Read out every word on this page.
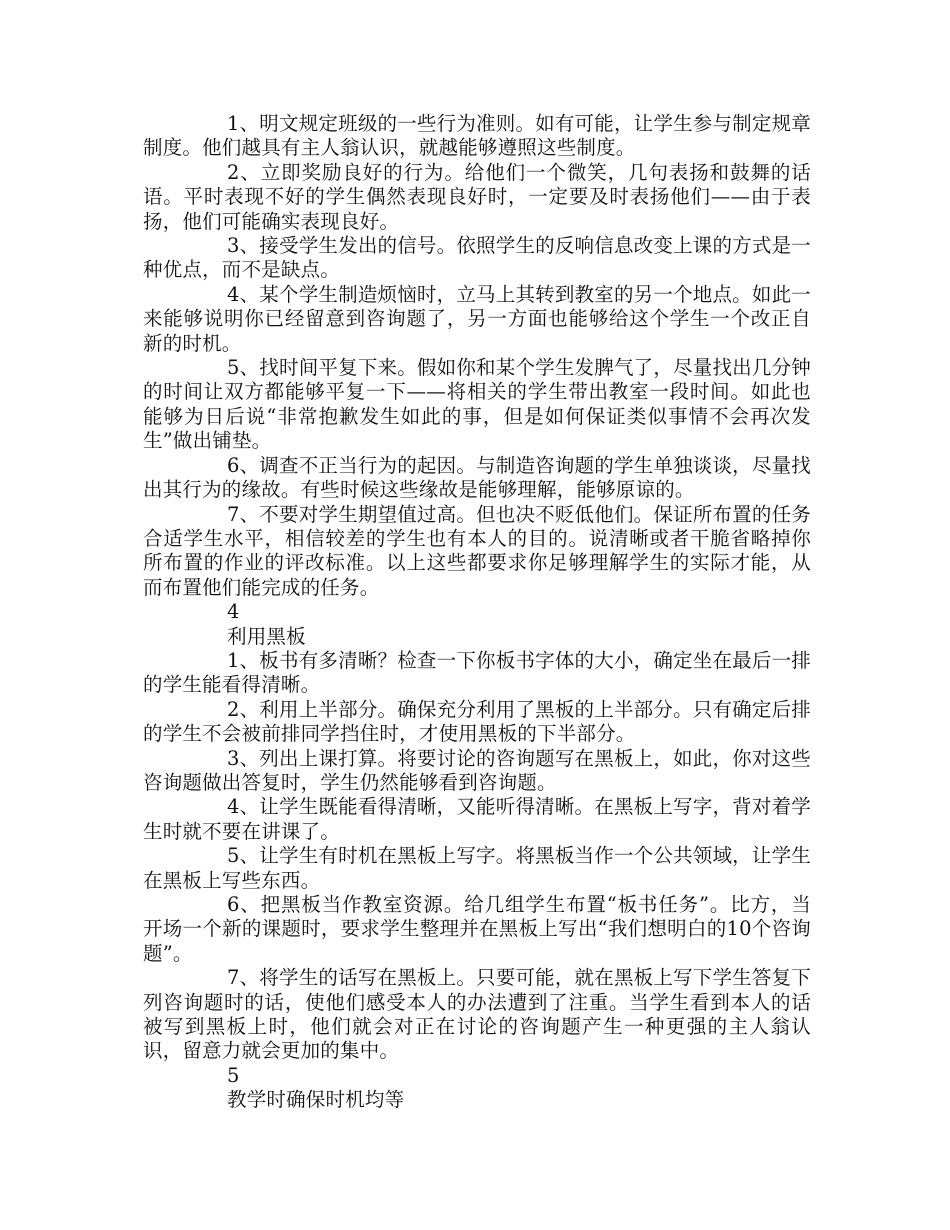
1、明文规定班级的一些行为准则。如有可能，让学生参与制定规章制度。他们越具有主人翁认识，就越能够遵照这些制度。

2、立即奖励良好的行为。给他们一个微笑，几句表扬和鼓舞的话语。平时表现不好的学生偶然表现良好时，一定要及时表扬他们——由于表扬，他们可能确实表现良好。

3、接受学生发出的信号。依照学生的反响信息改变上课的方式是一种优点，而不是缺点。

4、某个学生制造烦恼时，立马上其转到教室的另一个地点。如此一来能够说明你已经留意到咨询题了，另一方面也能够给这个学生一个改正自新的时机。

5、找时间平复下来。假如你和某个学生发脾气了，尽量找出几分钟的时间让双方都能够平复一下——将相关的学生带出教室一段时间。如此也能够为日后说“非常抱歉发生如此的事，但是如何保证类似事情不会再次发生”做出铺垫。

6、调查不正当行为的起因。与制造咨询题的学生单独谈谈，尽量找出其行为的缘故。有些时候这些缘故是能够理解，能够原谅的。

7、不要对学生期望值过高。但也决不贬低他们。保证所布置的任务合适学生水平，相信较差的学生也有本人的目的。说清晰或者干脆省略掉你所布置的作业的评改标准。以上这些都要求你足够理解学生的实际才能，从而布置他们能完成的任务。

4

利用黑板

1、板书有多清晰？检查一下你板书字体的大小，确定坐在最后一排的学生能看得清晰。

2、利用上半部分。确保充分利用了黑板的上半部分。只有确定后排的学生不会被前排同学挡住时，才使用黑板的下半部分。

3、列出上课打算。将要讨论的咨询题写在黑板上，如此，你对这些咨询题做出答复时，学生仍然能够看到咨询题。

4、让学生既能看得清晰，又能听得清晰。在黑板上写字，背对着学生时就不要在讲课了。

5、让学生有时机在黑板上写字。将黑板当作一个公共领域，让学生在黑板上写些东西。

6、把黑板当作教室资源。给几组学生布置“板书任务”。比方，当开场一个新的课题时，要求学生整理并在黑板上写出“我们想明白的10个咨询题”。

7、将学生的话写在黑板上。只要可能，就在黑板上写下学生答复下列咨询题时的话，使他们感受本人的办法遭到了注重。当学生看到本人的话被写到黑板上时，他们就会对正在讨论的咨询题产生一种更强的主人翁认识，留意力就会更加的集中。

5

教学时确保时机均等
